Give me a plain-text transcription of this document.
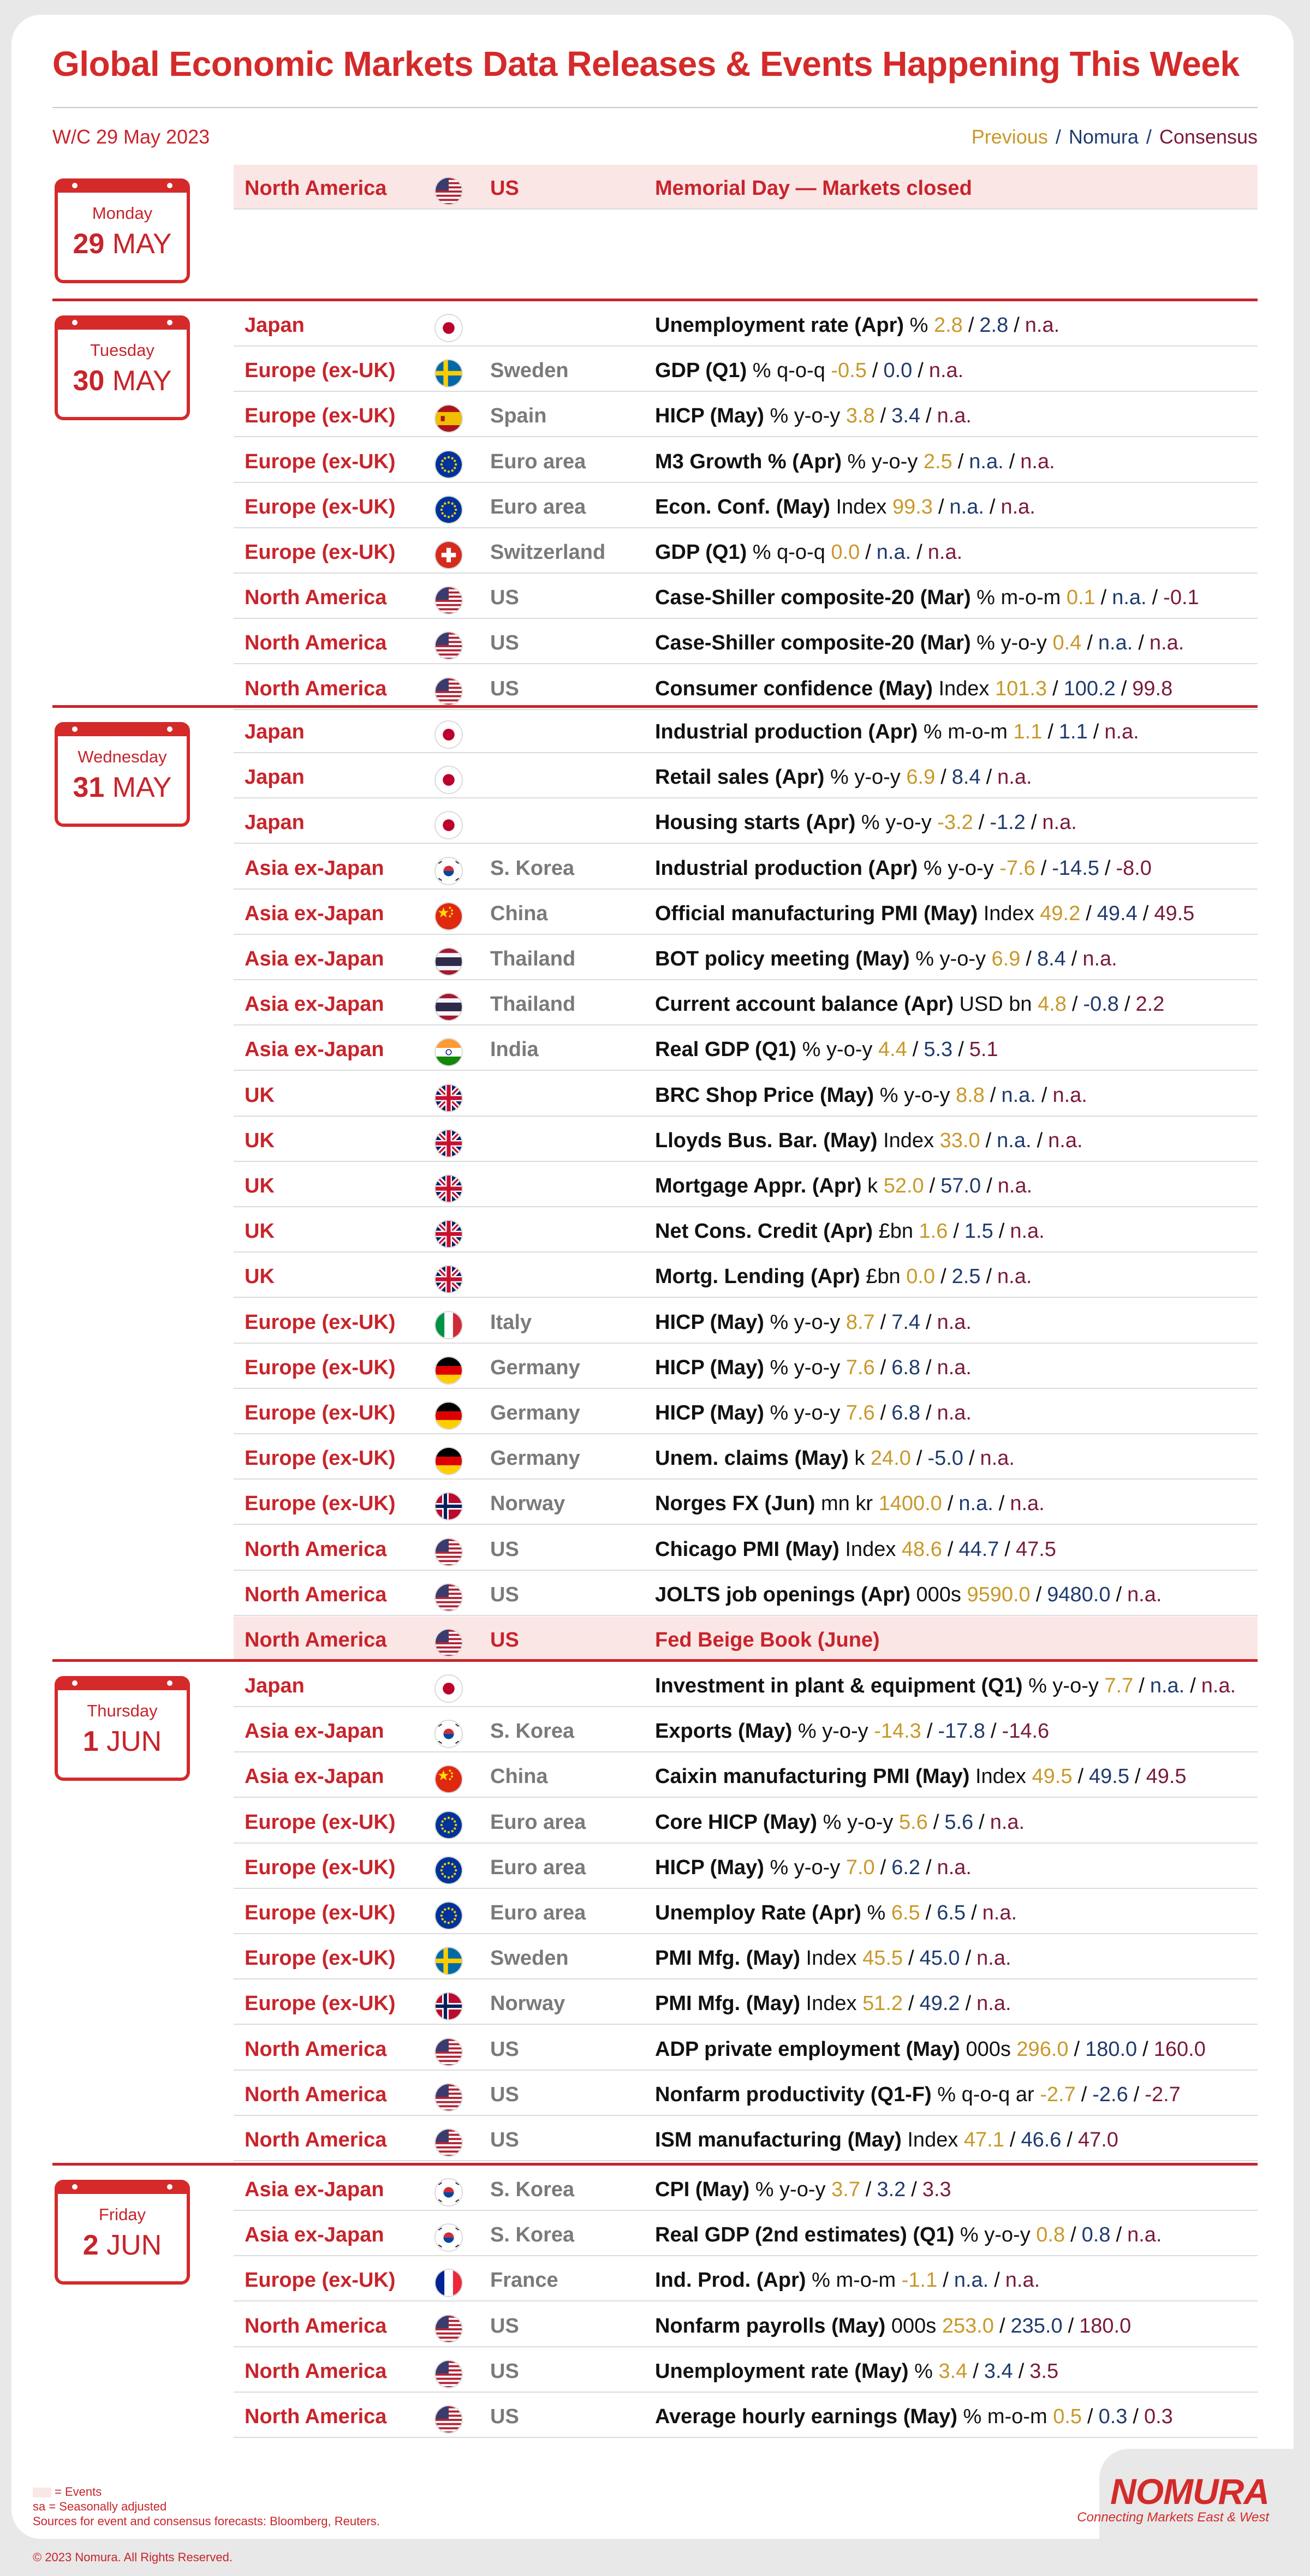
Global Economic Markets Data Releases & Events Happening This Week
W/C 29 May 2023	Previous / Nomura / Consensus
Monday
29 MAY
North America	US	Memorial Day — Markets closed
Tuesday
30 MAY
Japan	Unemployment rate (Apr) % 2.8 / 2.8 / n.a.
Europe (ex-UK)	Sweden	GDP (Q1) % q-o-q -0.5 / 0.0 / n.a.
Europe (ex-UK)	Spain	HICP (May) % y-o-y 3.8 / 3.4 / n.a.
Europe (ex-UK)	Euro area	M3 Growth % (Apr) % y-o-y 2.5 / n.a. / n.a.
Europe (ex-UK)	Euro area	Econ. Conf. (May) Index 99.3 / n.a. / n.a.
Europe (ex-UK)	Switzerland GDP (Q1) % q-o-q 0.0 / n.a. / n.a.
North America	US	Case-Shiller composite-20 (Mar) % m-o-m 0.1 / n.a. / -0.1
North America	US	Case-Shiller composite-20 (Mar) % y-o-y 0.4 / n.a. / n.a.
North America	US	Consumer confidence (May) Index 101.3 / 100.2 / 99.8
Wednesday
31 MAY
Japan	Industrial production (Apr) % m-o-m 1.1 / 1.1 / n.a.
Japan	Retail sales (Apr) % y-o-y 6.9 / 8.4 / n.a.
Japan	Housing starts (Apr) % y-o-y -3.2 / -1.2 / n.a.
Asia ex-Japan	S. Korea	Industrial production (Apr) % y-o-y -7.6 / -14.5 / -8.0
Asia ex-Japan	China	Official manufacturing PMI (May) Index 49.2 / 49.4 / 49.5
Asia ex-Japan	Thailand	BOT policy meeting (May) % y-o-y 6.9 / 8.4 / n.a.
Asia ex-Japan	Thailand	Current account balance (Apr) USD bn 4.8 / -0.8 / 2.2
Asia ex-Japan	India	Real GDP (Q1) % y-o-y 4.4 / 5.3 / 5.1
UK	BRC Shop Price (May) % y-o-y 8.8 / n.a. / n.a.
UK	Lloyds Bus. Bar. (May) Index 33.0 / n.a. / n.a.
UK	Mortgage Appr. (Apr) k 52.0 / 57.0 / n.a.
UK	Net Cons. Credit (Apr) £bn 1.6 / 1.5 / n.a.
UK	Mortg. Lending (Apr) £bn 0.0 / 2.5 / n.a.
Europe (ex-UK)	Italy	HICP (May) % y-o-y 8.7 / 7.4 / n.a.
Europe (ex-UK)	Germany	HICP (May) % y-o-y 7.6 / 6.8 / n.a.
Europe (ex-UK)	Germany	HICP (May) % y-o-y 7.6 / 6.8 / n.a.
Europe (ex-UK)	Germany	Unem. claims (May) k 24.0 / -5.0 / n.a.
Europe (ex-UK)	Norway	Norges FX (Jun) mn kr 1400.0 / n.a. / n.a.
North America	US	Chicago PMI (May) Index 48.6 / 44.7 / 47.5
North America	US	JOLTS job openings (Apr) 000s 9590.0 / 9480.0 / n.a.
North America	US	Fed Beige Book (June)
Thursday
1 JUN
Japan	Investment in plant & equipment (Q1) % y-o-y 7.7 / n.a. / n.a.
Asia ex-Japan	S. Korea	Exports (May) % y-o-y -14.3 / -17.8 / -14.6
Asia ex-Japan	China	Caixin manufacturing PMI (May) Index 49.5 / 49.5 / 49.5
Europe (ex-UK)	Euro area	Core HICP (May) % y-o-y 5.6 / 5.6 / n.a.
Europe (ex-UK)	Euro area	HICP (May) % y-o-y 7.0 / 6.2 / n.a.
Europe (ex-UK)	Euro area	Unemploy Rate (Apr) % 6.5 / 6.5 / n.a.
Europe (ex-UK)	Sweden	PMI Mfg. (May) Index 45.5 / 45.0 / n.a.
Europe (ex-UK)	Norway	PMI Mfg. (May) Index 51.2 / 49.2 / n.a.
North America	US	ADP private employment (May) 000s 296.0 / 180.0 / 160.0
North America	US	Nonfarm productivity (Q1-F) % q-o-q ar -2.7 / -2.6 / -2.7
North America	US	ISM manufacturing (May) Index 47.1 / 46.6 / 47.0
Friday
2 JUN
Asia ex-Japan	S. Korea	CPI (May) % y-o-y 3.7 / 3.2 / 3.3
Asia ex-Japan	S. Korea	Real GDP (2nd estimates) (Q1) % y-o-y 0.8 / 0.8 / n.a.
Europe (ex-UK)	France	Ind. Prod. (Apr) % m-o-m -1.1 / n.a. / n.a.
North America	US	Nonfarm payrolls (May) 000s 253.0 / 235.0 / 180.0
North America	US	Unemployment rate (May) % 3.4 / 3.4 / 3.5
North America	US	Average hourly earnings (May) % m-o-m 0.5 / 0.3 / 0.3
= Events
sa = Seasonally adjusted
Sources for event and consensus forecasts: Bloomberg, Reuters.
NOMURA
Connecting Markets East & West
© 2023 Nomura. All Rights Reserved.
